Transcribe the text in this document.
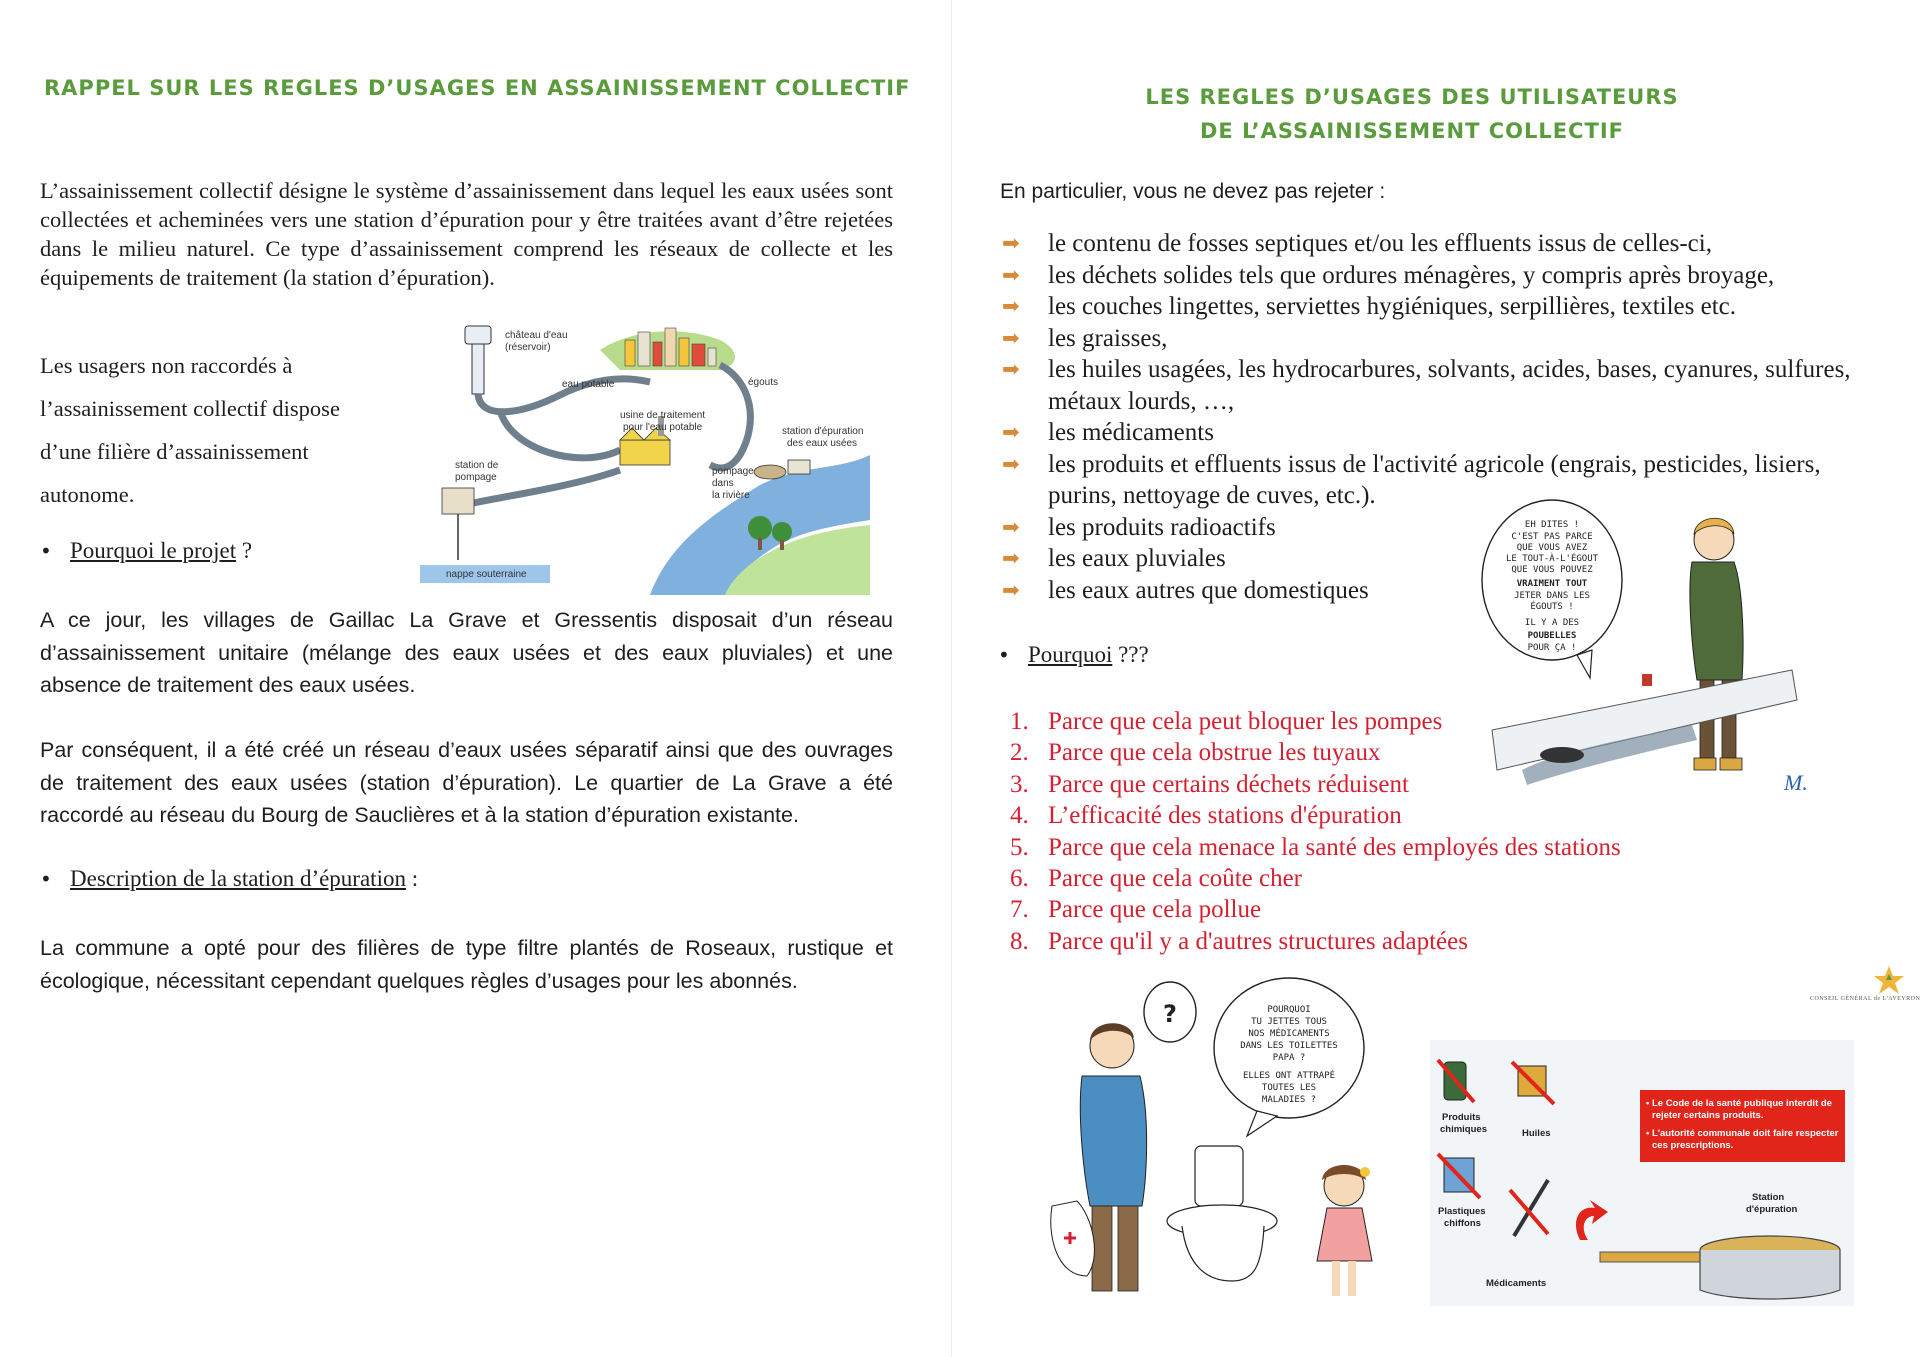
RAPPEL SUR LES REGLES D’USAGES EN ASSAINISSEMENT COLLECTIF
L’assainissement collectif désigne le système d’assainissement dans lequel les eaux usées sont collectées et acheminées vers une station d’épuration pour y être traitées avant d’être rejetées dans le milieu naturel. Ce type d’assainissement comprend les réseaux de collecte et les équipements de traitement (la station d’épuration).
Les usagers non raccordés à
l’assainissement collectif dispose
d’une filière d’assainissement
autonome.
château d'eau
(réservoir)
eau potable	égouts
usine de traitement
pour l'eau potable	station d'épuration
des eaux usées
station de
pompage
pompage
dans
la rivière
nappe souterraine
• Pourquoi le projet ?
A ce jour, les villages de Gaillac La Grave et Gressentis disposait d’un réseau d’assainissement unitaire (mélange des eaux usées et des eaux pluviales) et une absence de traitement des eaux usées.
Par conséquent, il a été créé un réseau d’eaux usées séparatif ainsi que des ouvrages de traitement des eaux usées (station d’épuration). Le quartier de La Grave a été raccordé au réseau du Bourg de Sauclières et à la station d’épuration existante.
• Description de la station d’épuration :
La commune a opté pour des filières de type filtre plantés de Roseaux, rustique et écologique, nécessitant cependant quelques règles d’usages pour les abonnés.
LES REGLES D’USAGES DES UTILISATEURS
DE L’ASSAINISSEMENT COLLECTIF
En particulier, vous ne devez pas rejeter :
➡ le contenu de fosses septiques et/ou les effluents issus de celles-ci,
➡ les déchets solides tels que ordures ménagères, y compris après broyage,
➡ les couches lingettes, serviettes hygiéniques, serpillières, textiles etc.
➡ les graisses,
➡ les huiles usagées, les hydrocarbures, solvants, acides, bases, cyanures, sulfures, métaux lourds, …,
➡ les médicaments
➡ les produits et effluents issus de l'activité agricole (engrais, pesticides, lisiers, purins, nettoyage de cuves, etc.).
➡ les produits radioactifs
➡ les eaux pluviales
➡ les eaux autres que domestiques
• Pourquoi ???
1. Parce que cela peut bloquer les pompes
2. Parce que cela obstrue les tuyaux
3. Parce que certains déchets réduisent
4. L’efficacité des stations d'épuration
5. Parce que cela menace la santé des employés des stations
6. Parce que cela coûte cher
7. Parce que cela pollue
8. Parce qu'il y a d'autres structures adaptées
EH DITES !
C'EST PAS PARCE
QUE VOUS AVEZ
LE TOUT-À-L'ÉGOUT
QUE VOUS POUVEZ
VRAIMENT TOUT
JETER DANS LES
ÉGOUTS !
IL Y A DES
POUBELLES
POUR ÇA !
M.
?	POURQUOI
TU JETTES TOUS
NOS MÉDICAMENTS
DANS LES TOILETTES
PAPA ?
ELLES ONT ATTRAPÉ
TOUTES LES
MALADIES ?	• Le Code de la santé publique interdit de
rejeter certains produits.
• L'autorité communale doit faire respecter
ces prescriptions.
Produits
chimiques	Huiles
Plastiques
chiffons
Médicaments
Station
d'épuration
CONSEIL GÉNÉRAL de L'AVEYRON
